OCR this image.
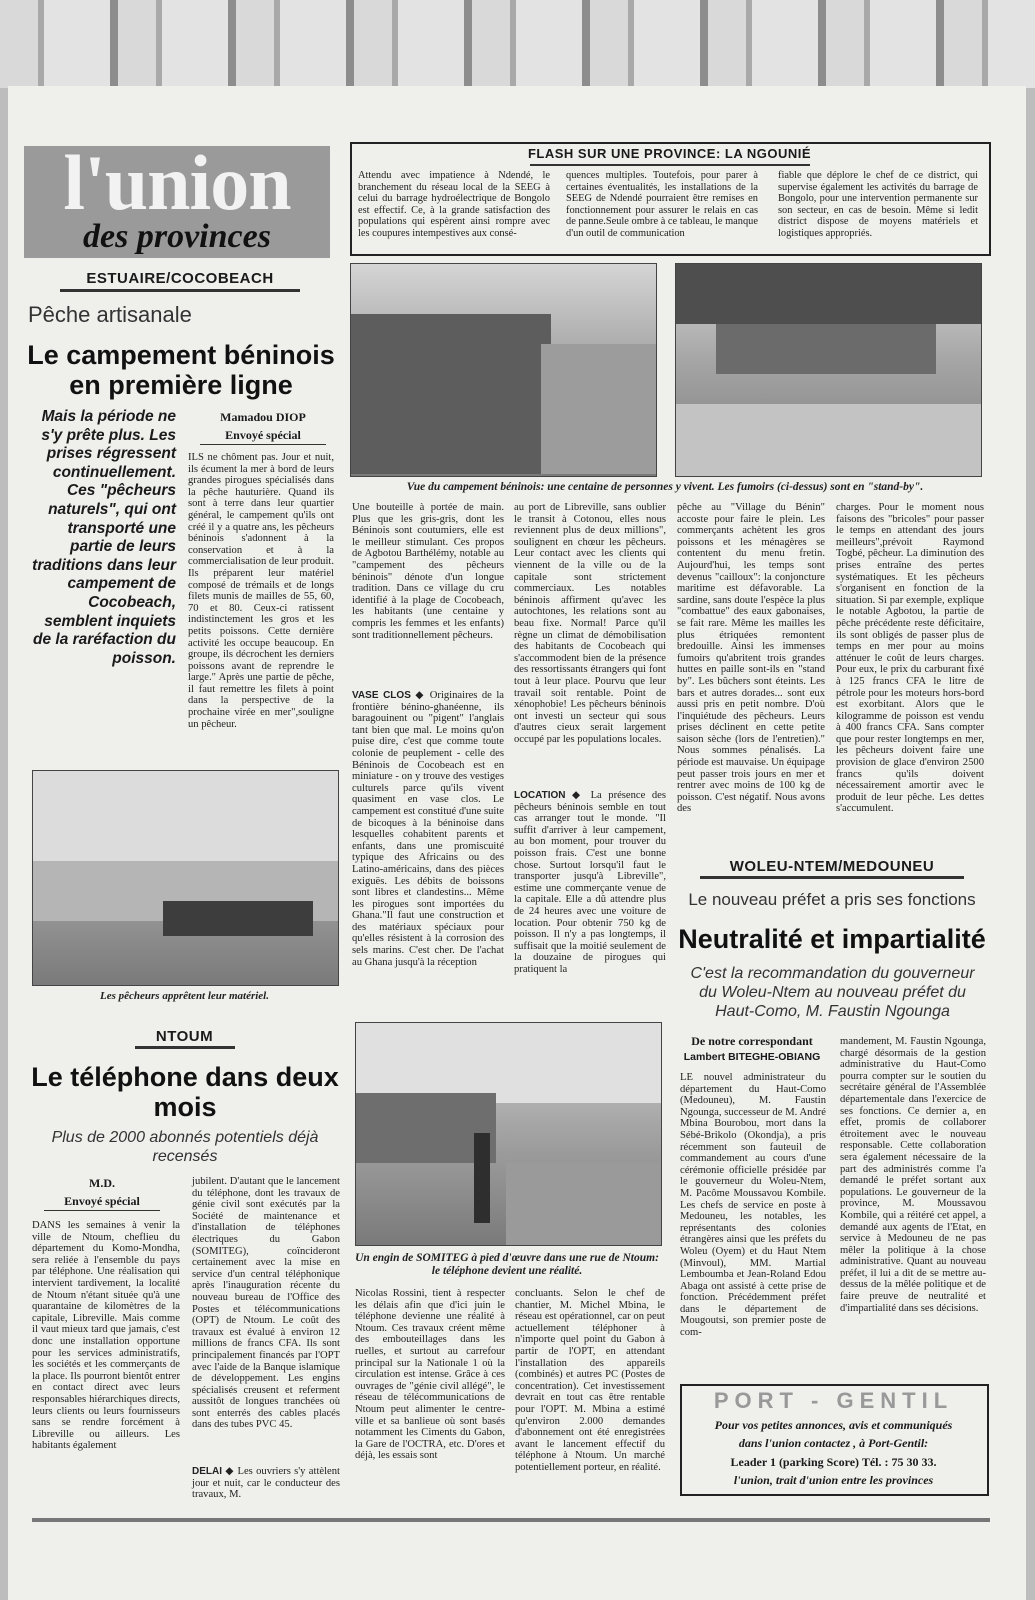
l'union
des provinces
FLASH SUR UNE PROVINCE: LA NGOUNIÉ
Attendu avec impatience à Ndendé, le branchement du réseau local de la SEEG à celui du barrage hydroélectrique de Bongolo est effectif. Ce, à la grande satisfaction des populations qui espèrent ainsi rompre avec les coupures intempestives aux consé-
quences multiples. Toutefois, pour parer à certaines éventualités, les installations de la SEEG de Ndendé pourraient être remises en fonctionnement pour assurer le relais en cas de panne.Seule ombre à ce tableau, le manque d'un outil de communication
fiable que déplore le chef de ce district, qui supervise également les activités du barrage de Bongolo, pour une intervention permanente sur son secteur, en cas de besoin. Même si ledit district dispose de moyens matériels et logistiques appropriés.
ESTUAIRE/COCOBEACH
Pêche artisanale
Le campement béninois en première ligne
Mais la période ne s'y prête plus. Les prises régressent continuellement. Ces "pêcheurs naturels", qui ont transporté une partie de leurs traditions dans leur campement de Cocobeach, semblent inquiets de la raréfaction du poisson.
Mamadou DIOP
Envoyé spécial
ILS ne chôment pas. Jour et nuit, ils écument la mer à bord de leurs grandes pirogues spécialisés dans la pêche hauturière. Quand ils sont à terre dans leur quartier général, le campement qu'ils ont créé il y a quatre ans, les pêcheurs béninois s'adonnent à la conservation et à la commercialisation de leur produit. Ils préparent leur matériel composé de trémails et de longs filets munis de mailles de 55, 60, 70 et 80. Ceux-ci ratissent indistinctement les gros et les petits poissons. Cette dernière activité les occupe beaucoup. En groupe, ils décrochent les derniers poissons avant de reprendre le large." Après une partie de pêche, il faut remettre les filets à point dans la perspective de la prochaine virée en mer",souligne un pêcheur.
Vue du campement béninois: une centaine de personnes y vivent. Les fumoirs (ci-dessus) sont en "stand-by".
Une bouteille à portée de main. Plus que les gris-gris, dont les Béninois sont coutumiers, elle est le meilleur stimulant. Ces propos de Agbotou Barthélémy, notable au "campement des pêcheurs béninois" dénote d'un longue tradition. Dans ce village du cru identifié à la plage de Cocobeach, les habitants (une centaine y compris les femmes et les enfants) sont traditionnellement pêcheurs.
VASE CLOS ◆ Originaires de la frontière bénino-ghanéenne, ils baragouinent ou "pigent" l'anglais tant bien que mal. Le moins qu'on puise dire, c'est que comme toute colonie de peuplement - celle des Béninois de Cocobeach est en miniature - on y trouve des vestiges culturels parce qu'ils vivent quasiment en vase clos. Le campement est constitué d'une suite de bicoques à la béninoise dans lesquelles cohabitent parents et enfants, dans une promiscuité typique des Africains ou des Latino-américains, dans des pièces exiguës. Les débits de boissons sont libres et clandestins... Même les pirogues sont importées du Ghana."Il faut une construction et des matériaux spéciaux pour qu'elles résistent à la corrosion des sels marins. C'est cher. De l'achat au Ghana jusqu'à la réception
au port de Libreville, sans oublier le transit à Cotonou, elles nous reviennent plus de deux millions", soulignent en chœur les pêcheurs. Leur contact avec les clients qui viennent de la ville ou de la capitale sont strictement commerciaux. Les notables béninois affirment qu'avec les autochtones, les relations sont au beau fixe. Normal! Parce qu'il règne un climat de démobilisation des habitants de Cocobeach qui s'accommodent bien de la présence des ressortissants étrangers qui font tout à leur place. Pourvu que leur travail soit rentable. Point de xénophobie! Les pêcheurs béninois ont investi un secteur qui sous d'autres cieux serait largement occupé par les populations locales.
LOCATION ◆ La présence des pêcheurs béninois semble en tout cas arranger tout le monde. "Il suffit d'arriver à leur campement, au bon moment, pour trouver du poisson frais. C'est une bonne chose. Surtout lorsqu'il faut le transporter jusqu'à Libreville", estime une commerçante venue de la capitale. Elle a dû attendre plus de 24 heures avec une voiture de location. Pour obtenir 750 kg de poisson. Il n'y a pas longtemps, il suffisait que la moitié seulement de la douzaine de pirogues qui pratiquent la
pêche au "Village du Bénin" accoste pour faire le plein. Les commerçants achètent les gros poissons et les ménagères se contentent du menu fretin. Aujourd'hui, les temps sont devenus "cailloux": la conjoncture maritime est défavorable. La sardine, sans doute l'espèce la plus "combattue" des eaux gabonaises, se fait rare. Même les mailles les plus étriquées remontent bredouille. Ainsi les immenses fumoirs qu'abritent trois grandes huttes en paille sont-ils en "stand by". Les bûchers sont éteints. Les bars et autres dorades... sont eux aussi pris en petit nombre. D'où l'inquiétude des pêcheurs. Leurs prises déclinent en cette petite saison sèche (lors de l'entretien)." Nous sommes pénalisés. La période est mauvaise. Un équipage peut passer trois jours en mer et rentrer avec moins de 100 kg de poisson. C'est négatif. Nous avons des
charges. Pour le moment nous faisons des "bricoles" pour passer le temps en attendant des jours meilleurs",prévoit Raymond Togbé, pêcheur. La diminution des prises entraîne des pertes systématiques. Et les pêcheurs s'organisent en fonction de la situation. Si par exemple, explique le notable Agbotou, la partie de pêche précédente reste déficitaire, ils sont obligés de passer plus de temps en mer pour au moins atténuer le coût de leurs charges. Pour eux, le prix du carburant fixé à 125 francs CFA le litre de pétrole pour les moteurs hors-bord est exorbitant. Alors que le kilogramme de poisson est vendu à 400 francs CFA. Sans compter que pour rester longtemps en mer, les pêcheurs doivent faire une provision de glace d'environ 2500 francs qu'ils doivent nécessairement amortir avec le produit de leur pêche. Les dettes s'accumulent.
Les pêcheurs apprêtent leur matériel.
NTOUM
Le téléphone dans deux mois
Plus de 2000 abonnés potentiels déjà recensés
M.D.
Envoyé spécial
DANS les semaines à venir la ville de Ntoum, cheflieu du département du Komo-Mondha, sera reliée à l'ensemble du pays par téléphone. Une réalisation qui intervient tardivement, la localité de Ntoum n'étant située qu'à une quarantaine de kilomètres de la capitale, Libreville. Mais comme il vaut mieux tard que jamais, c'est donc une installation opportune pour les services administratifs, les sociétés et les commerçants de la place. Ils pourront bientôt entrer en contact direct avec leurs responsables hiérarchiques directs, leurs clients ou leurs fournisseurs sans se rendre forcément à Libreville ou ailleurs. Les habitants également
jubilent. D'autant que le lancement du téléphone, dont les travaux de génie civil sont exécutés par la Société de maintenance et d'installation de téléphones électriques du Gabon (SOMITEG), coïncideront certainement avec la mise en service d'un central téléphonique après l'inauguration récente du nouveau bureau de l'Office des Postes et télécommunications (OPT) de Ntoum. Le coût des travaux est évalué à environ 12 millions de francs CFA. Ils sont principalement financés par l'OPT avec l'aide de la Banque islamique de développement. Les engins spécialisés creusent et referment aussitôt de longues tranchées où sont enterrés des cables placés dans des tubes PVC 45.
DELAI ◆ Les ouvriers s'y attèlent jour et nuit, car le conducteur des travaux, M.
Un engin de SOMITEG à pied d'œuvre dans une rue de Ntoum: le téléphone devient une réalité.
Nicolas Rossini, tient à respecter les délais afin que d'ici juin le téléphone devienne une réalité à Ntoum. Ces travaux créent même des embouteillages dans les ruelles, et surtout au carrefour principal sur la Nationale 1 où la circulation est intense. Grâce à ces ouvrages de "génie civil allégé", le réseau de télécommunications de Ntoum peut alimenter le centre-ville et sa banlieue où sont basés notamment les Ciments du Gabon, la Gare de l'OCTRA, etc. D'ores et déjà, les essais sont
concluants. Selon le chef de chantier, M. Michel Mbina, le réseau est opérationnel, car on peut actuellement téléphoner à n'importe quel point du Gabon à partir de l'OPT, en attendant l'installation des appareils (combinés) et autres PC (Postes de concentration). Cet investissement devrait en tout cas être rentable pour l'OPT. M. Mbina a estimé qu'environ 2.000 demandes d'abonnement ont été enregistrées avant le lancement effectif du téléphone à Ntoum. Un marché potentiellement porteur, en réalité.
WOLEU-NTEM/MEDOUNEU
Le nouveau préfet a pris ses fonctions
Neutralité et impartialité
C'est la recommandation du gouverneur du Woleu-Ntem au nouveau préfet du Haut-Como, M. Faustin Ngounga
De notre correspondant
Lambert BITEGHE-OBIANG
LE nouvel administrateur du département du Haut-Como (Medouneu), M. Faustin Ngounga, successeur de M. André Mbina Bourobou, mort dans la Sébé-Brikolo (Okondja), a pris récemment son fauteuil de commandement au cours d'une cérémonie officielle présidée par le gouverneur du Woleu-Ntem, M. Pacôme Moussavou Kombile. Les chefs de service en poste à Medouneu, les notables, les représentants des colonies étrangères ainsi que les préfets du Woleu (Oyem) et du Haut Ntem (Minvoul), MM. Martial Lemboumba et Jean-Roland Edou Abaga ont assisté à cette prise de fonction. Précédemment préfet dans le département de Mougoutsi, son premier poste de com-
mandement, M. Faustin Ngounga, chargé désormais de la gestion administrative du Haut-Como pourra compter sur le soutien du secrétaire général de l'Assemblée départementale dans l'exercice de ses fonctions. Ce dernier a, en effet, promis de collaborer étroitement avec le nouveau responsable. Cette collaboration sera également nécessaire de la part des administrés comme l'a demandé le préfet sortant aux populations. Le gouverneur de la province, M. Moussavou Kombile, qui a réitéré cet appel, a demandé aux agents de l'Etat, en service à Medouneu de ne pas mêler la politique à la chose administrative. Quant au nouveau préfet, il lui a dit de se mettre au-dessus de la mêlée politique et de faire preuve de neutralité et d'impartialité dans ses décisions.
PORT - GENTIL
Pour vos petites annonces, avis et communiqués
dans l'union contactez , à Port-Gentil:
Leader 1 (parking Score) Tél. : 75 30 33.
l'union, trait d'union entre les provinces
